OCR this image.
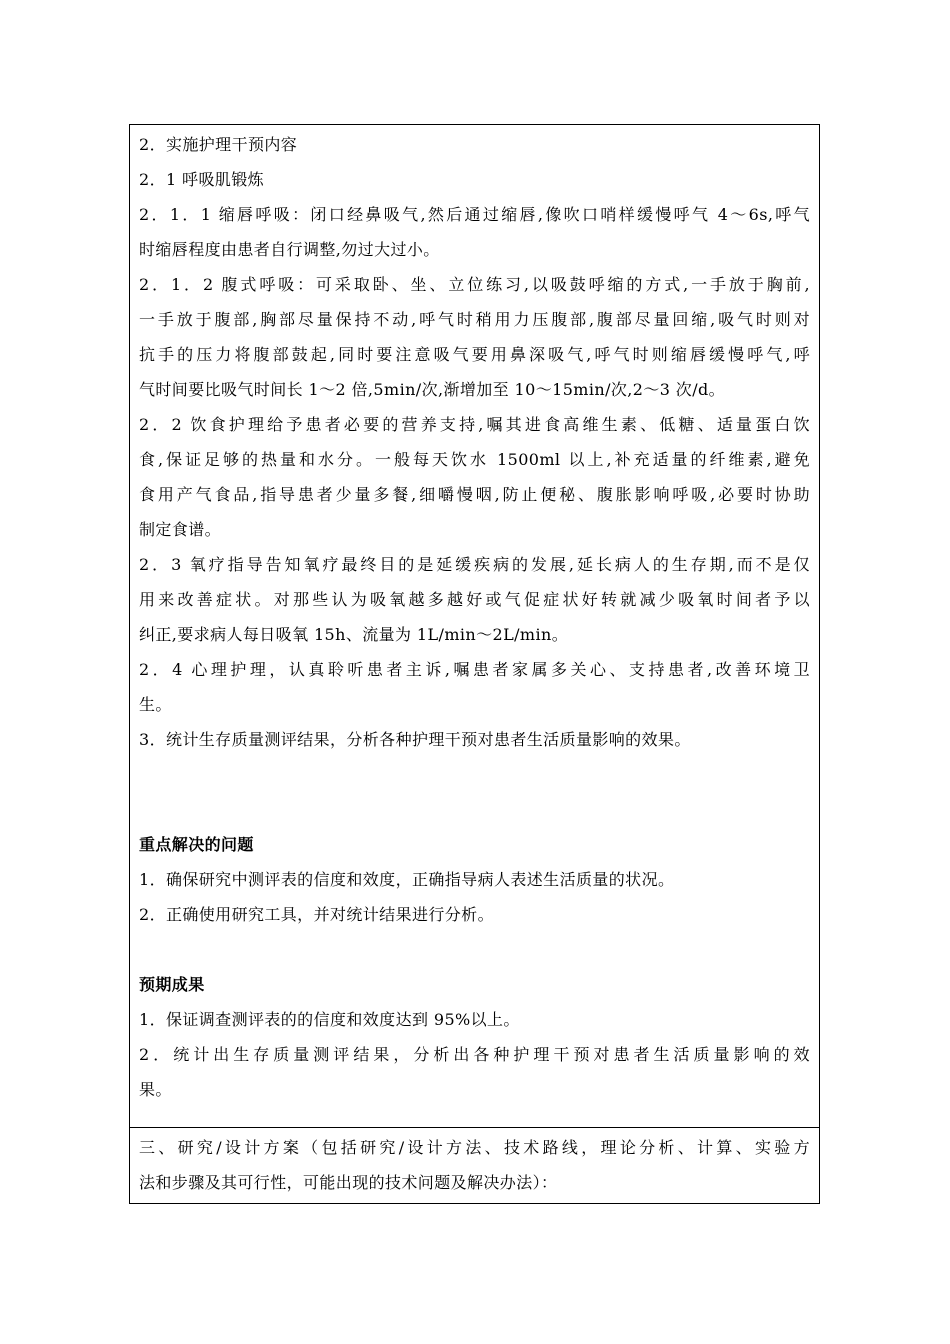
2．实施护理干预内容

2．1 呼吸肌锻炼

2．1．1 缩唇呼吸：闭口经鼻吸气,然后通过缩唇,像吹口哨样缓慢呼气 4～6s,呼气

时缩唇程度由患者自行调整,勿过大过小。

2．1．2 腹式呼吸：可采取卧、坐、立位练习,以吸鼓呼缩的方式,一手放于胸前,

一手放于腹部,胸部尽量保持不动,呼气时稍用力压腹部,腹部尽量回缩,吸气时则对

抗手的压力将腹部鼓起,同时要注意吸气要用鼻深吸气,呼气时则缩唇缓慢呼气,呼

气时间要比吸气时间长 1～2 倍,5min/次,渐增加至 10～15min/次,2～3 次/d。

2．2 饮食护理给予患者必要的营养支持,嘱其进食高维生素、低糖、适量蛋白饮

食,保证足够的热量和水分。一般每天饮水 1500ml 以上,补充适量的纤维素,避免

食用产气食品,指导患者少量多餐,细嚼慢咽,防止便秘、腹胀影响呼吸,必要时协助

制定食谱。

2．3 氧疗指导告知氧疗最终目的是延缓疾病的发展,延长病人的生存期,而不是仅

用来改善症状。对那些认为吸氧越多越好或气促症状好转就减少吸氧时间者予以

纠正,要求病人每日吸氧 15h、流量为 1L/min～2L/min。

2．4 心理护理，认真聆听患者主诉,嘱患者家属多关心、支持患者,改善环境卫

生。

3．统计生存质量测评结果，分析各种护理干预对患者生活质量影响的效果。

重点解决的问题

1．确保研究中测评表的信度和效度，正确指导病人表述生活质量的状况。

2．正确使用研究工具，并对统计结果进行分析。

预期成果

1．保证调查测评表的的信度和效度达到 95%以上。

2．统计出生存质量测评结果，分析出各种护理干预对患者生活质量影响的效

果。

三、研究/设计方案（包括研究/设计方法、技术路线，理论分析、计算、实验方

法和步骤及其可行性，可能出现的技术问题及解决办法）：
